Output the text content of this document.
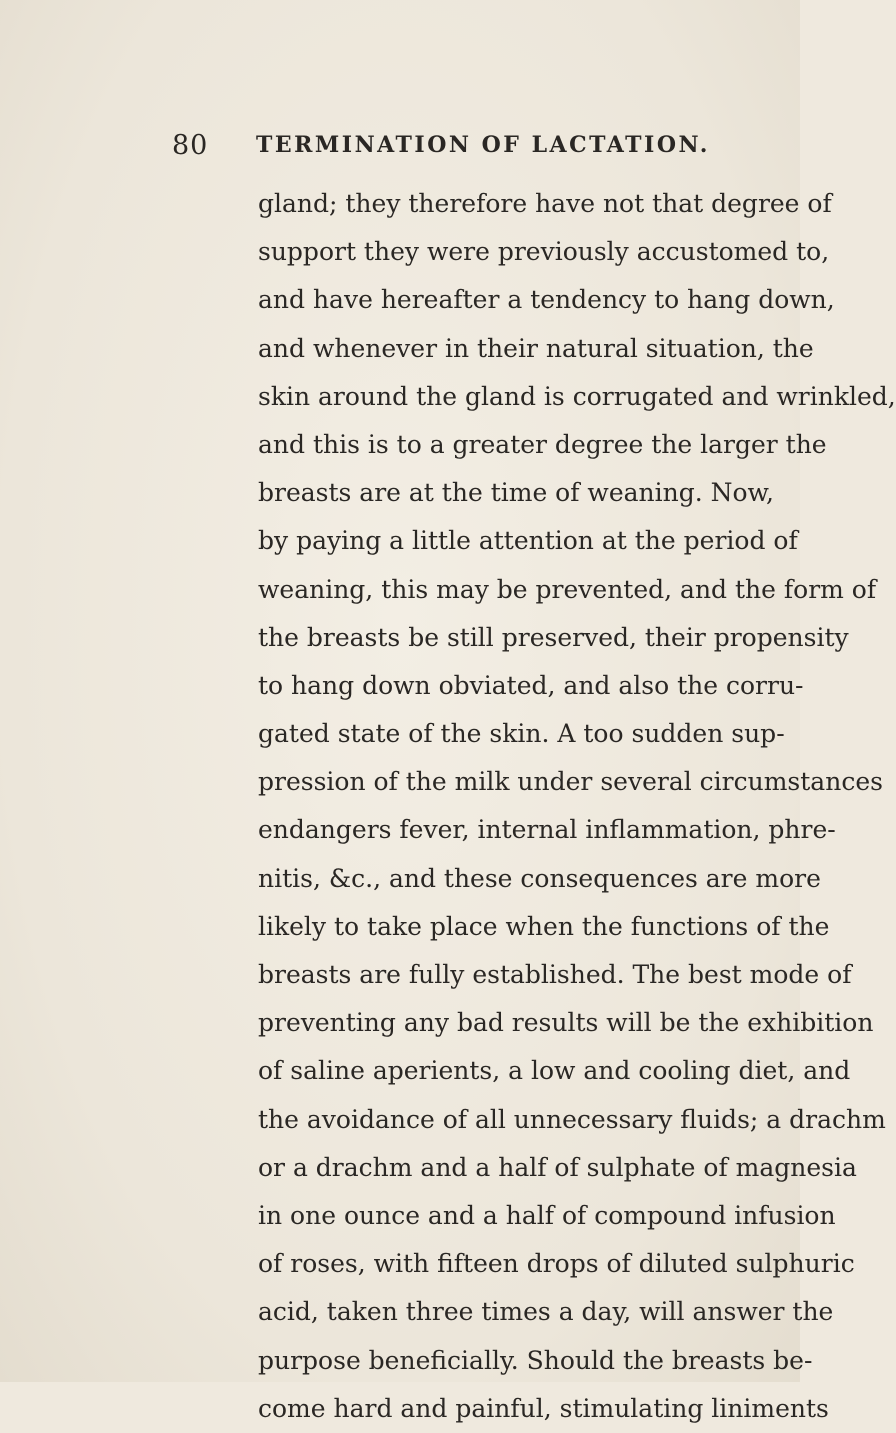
80 TERMINATION OF LACTATION.
gland; they therefore have not that degree of
support they were previously accustomed to,
and have hereafter a tendency to hang down,
and whenever in their natural situation, the
skin around the gland is corrugated and wrinkled,
and this is to a greater degree the larger the
breasts are at the time of weaning. Now,
by paying a little attention at the period of
weaning, this may be prevented, and the form of
the breasts be still preserved, their propensity
to hang down obviated, and also the corru-
gated state of the skin. A too sudden sup-
pression of the milk under several circumstances
endangers fever, internal inflammation, phre-
nitis, &c., and these consequences are more
likely to take place when the functions of the
breasts are fully established. The best mode of
preventing any bad results will be the exhibition
of saline aperients, a low and cooling diet, and
the avoidance of all unnecessary fluids; a drachm
or a drachm and a half of sulphate of magnesia
in one ounce and a half of compound infusion
of roses, with fifteen drops of diluted sulphuric
acid, taken three times a day, will answer the
purpose beneficially. Should the breasts be-
come hard and painful, stimulating liniments
